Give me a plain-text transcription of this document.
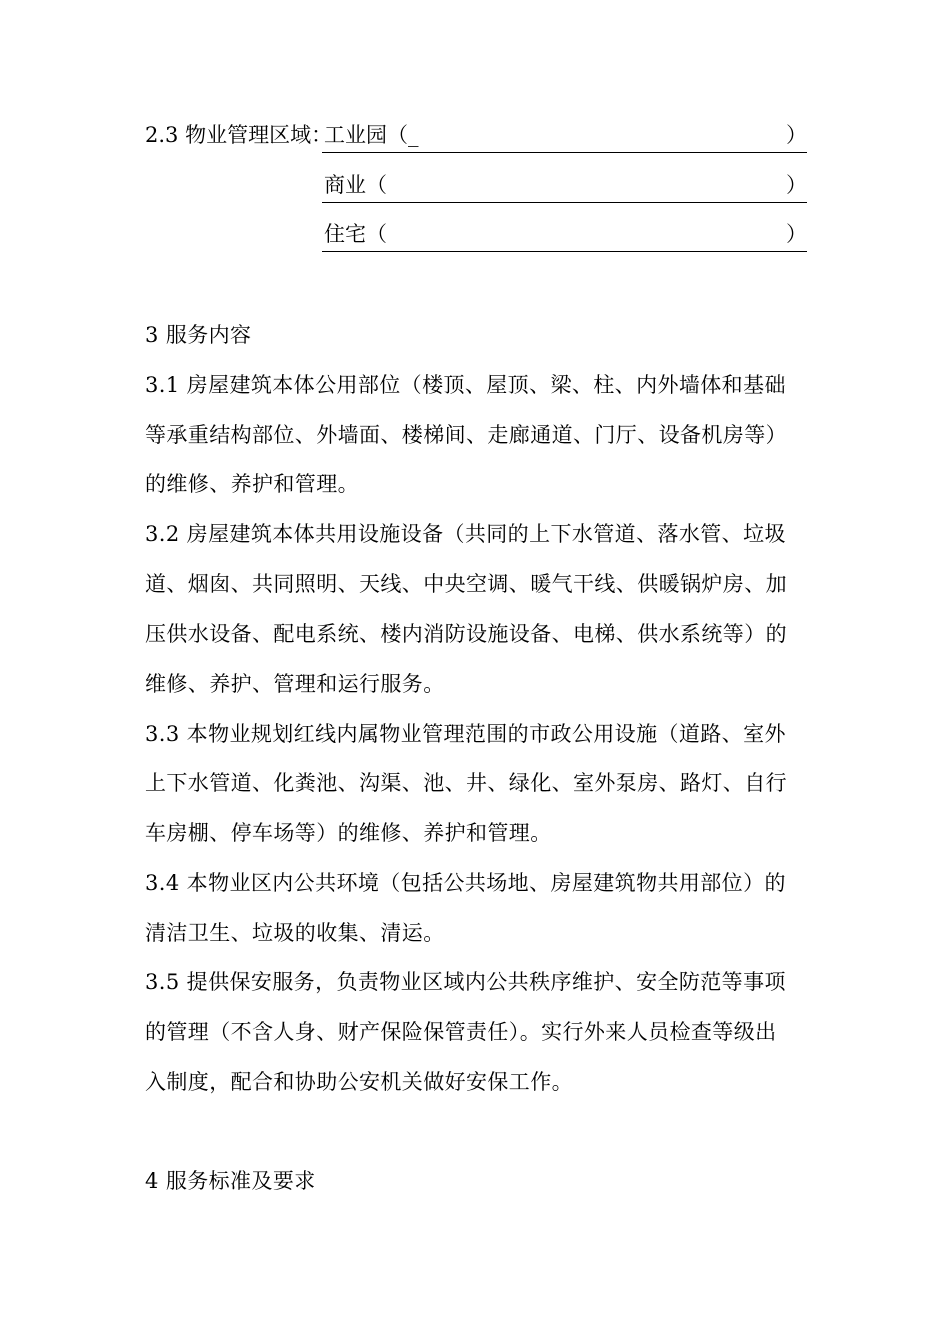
2.3 物业管理区域：
工业园（_	）
商业（	）
住宅（	）
3 服务内容
3.1 房屋建筑本体公用部位（楼顶、屋顶、梁、柱、内外墙体和基础
等承重结构部位、外墙面、楼梯间、走廊通道、门厅、设备机房等）
的维修、养护和管理。
3.2 房屋建筑本体共用设施设备（共同的上下水管道、落水管、垃圾
道、烟囱、共同照明、天线、中央空调、暖气干线、供暖锅炉房、加
压供水设备、配电系统、楼内消防设施设备、电梯、供水系统等）的
维修、养护、管理和运行服务。
3.3 本物业规划红线内属物业管理范围的市政公用设施（道路、室外
上下水管道、化粪池、沟渠、池、井、绿化、室外泵房、路灯、自行
车房棚、停车场等）的维修、养护和管理。
3.4 本物业区内公共环境（包括公共场地、房屋建筑物共用部位）的
清洁卫生、垃圾的收集、清运。
3.5 提供保安服务，负责物业区域内公共秩序维护、安全防范等事项
的管理（不含人身、财产保险保管责任）。实行外来人员检查等级出
入制度，配合和协助公安机关做好安保工作。
4 服务标准及要求
